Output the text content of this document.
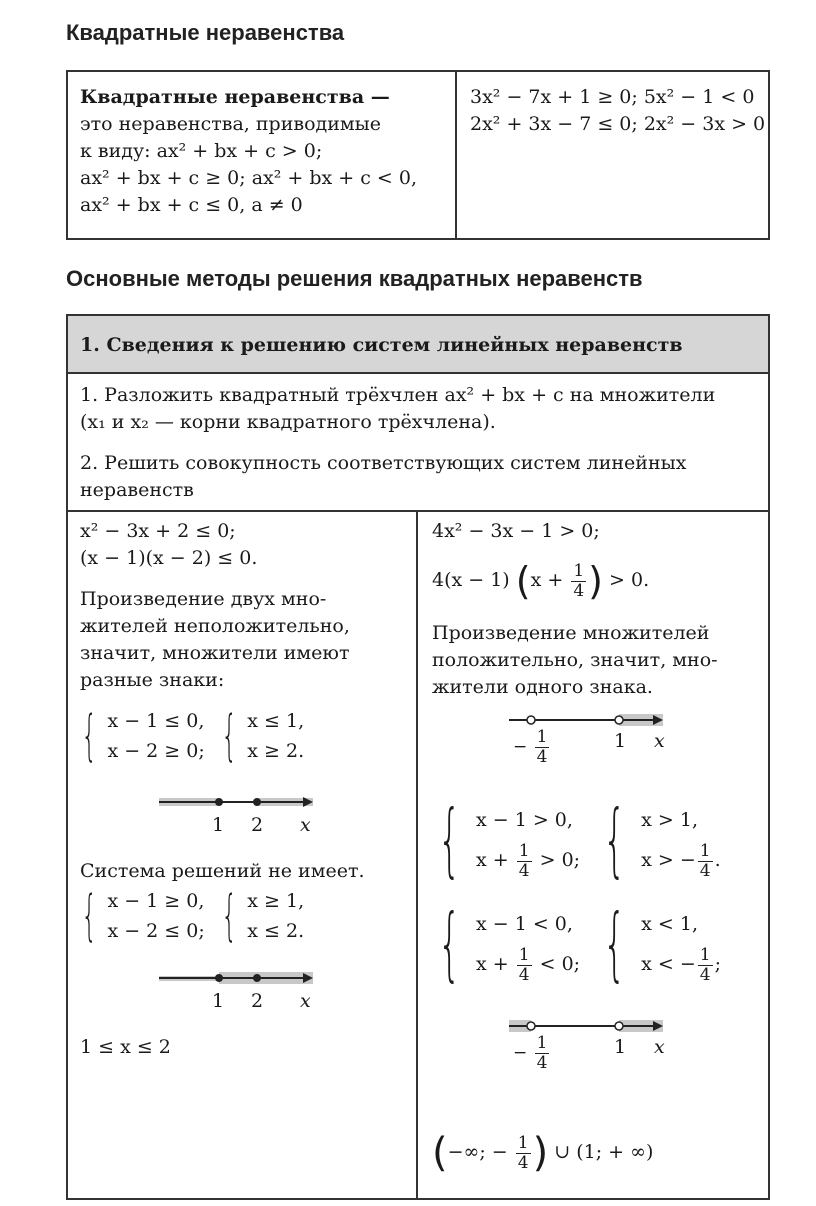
Квадратные неравенства
Квадратные неравенства —
это неравенства, приводимые
к виду: ax² + bx + c > 0;
ax² + bx + c ≥ 0; ax² + bx + c < 0,
ax² + bx + c ≤ 0, a ≠ 0
3x² − 7x + 1 ≥ 0; 5x² − 1 < 0
2x² + 3x − 7 ≤ 0; 2x² − 3x > 0
Основные методы решения квадратных неравенств
1. Сведения к решению систем линейных неравенств
1. Разложить квадратный трёхчлен ax² + bx + c на множители
(x₁ и x₂ — корни квадратного трёхчлена).
2. Решить совокупность соответствующих систем линейных
неравенств
x² − 3x + 2 ≤ 0;
(x − 1)(x − 2) ≤ 0.
Произведение двух мно-
жителей неположительно,
значит, множители имеют
разные знаки:
{ x − 1 ≤ 0,
x − 2 ≥ 0; { x ≤ 1,
x ≥ 2.
1 2 x
Система решений не имеет.
{ x − 1 ≥ 0,
x − 2 ≤ 0; { x ≥ 1,
x ≤ 2.
1 2 x
1 ≤ x ≤ 2
4x² − 3x − 1 > 0;
4(x − 1) ($x + \frac{1}{4}$ ) > 0.
Произведение множителей
положительно, значит, мно-
жители одного знака.
− $\frac{1}{4}$	1 x
{ x − 1 > 0,
$x + \frac{1}{4} > 0$; { x > 1,
x > − $\frac{1}{4}$ .
{ x − 1 < 0,
$x + \frac{1}{4} < 0$; { x < 1,
x < − $\frac{1}{4}$ ;
− $\frac{1}{4}$	1 x
(−∞; − $\frac{1}{4}$ ) ∪ (1; + ∞)
